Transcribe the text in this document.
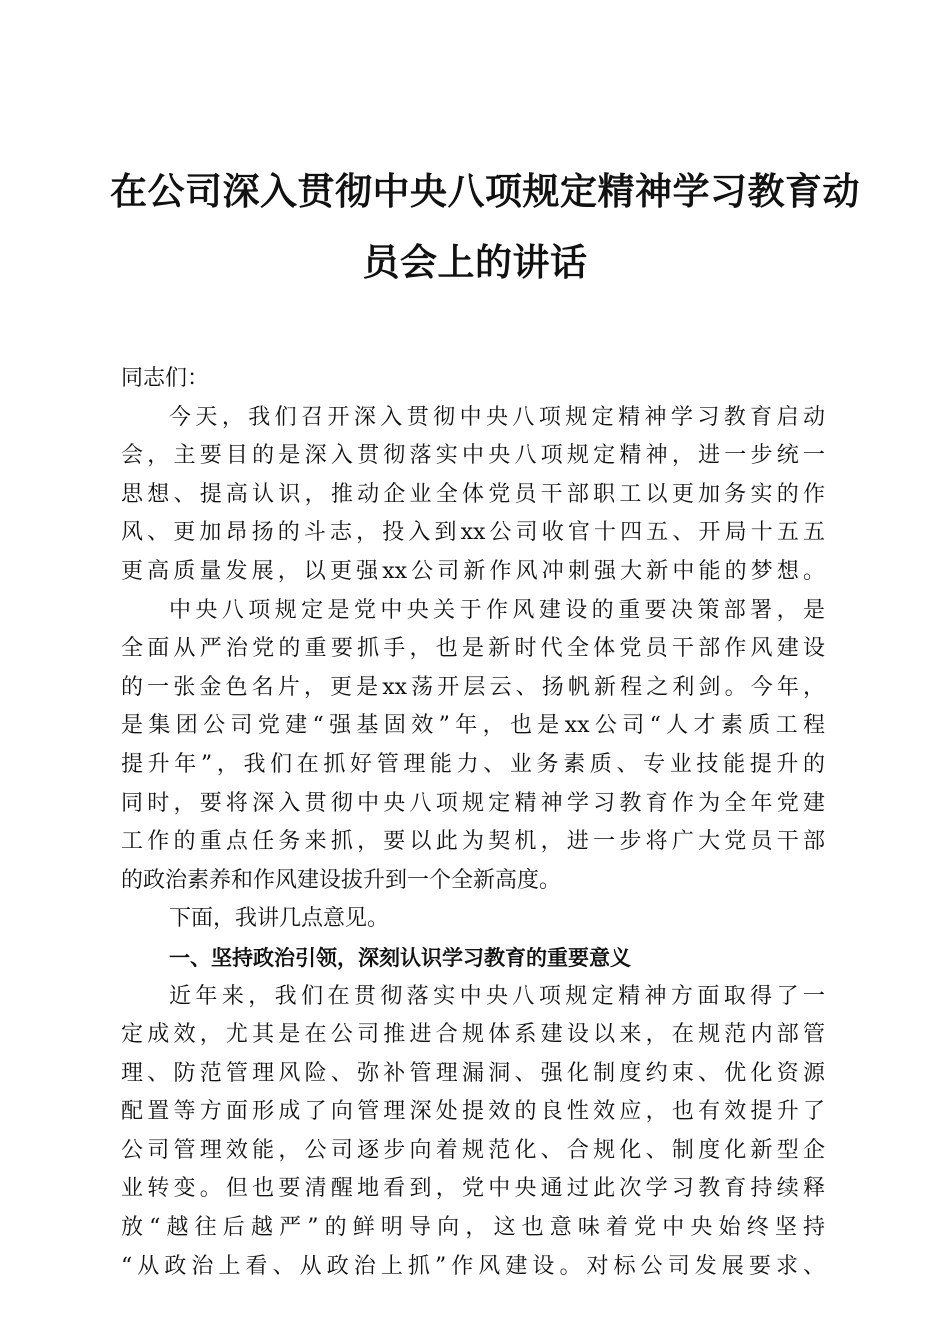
在公司深入贯彻中央八项规定精神学习教育动
员会上的讲话
同志们：
今天，我们召开深入贯彻中央八项规定精神学习教育启动
会，主要目的是深入贯彻落实中央八项规定精神，进一步统一
思想、提高认识，推动企业全体党员干部职工以更加务实的作
风、更加昂扬的斗志，投入到xx公司收官十四五、开局十五五
更高质量发展，以更强xx公司新作风冲刺强大新中能的梦想。
中央八项规定是党中央关于作风建设的重要决策部署，是
全面从严治党的重要抓手，也是新时代全体党员干部作风建设
的一张金色名片，更是xx荡开层云、扬帆新程之利剑。今年，
是集团公司党建“强基固效”年，也是xx公司“人才素质工程
提升年”，我们在抓好管理能力、业务素质、专业技能提升的
同时，要将深入贯彻中央八项规定精神学习教育作为全年党建
工作的重点任务来抓，要以此为契机，进一步将广大党员干部
的政治素养和作风建设拔升到一个全新高度。
下面，我讲几点意见。
一、坚持政治引领，深刻认识学习教育的重要意义
近年来，我们在贯彻落实中央八项规定精神方面取得了一
定成效，尤其是在公司推进合规体系建设以来，在规范内部管
理、防范管理风险、弥补管理漏洞、强化制度约束、优化资源
配置等方面形成了向管理深处提效的良性效应，也有效提升了
公司管理效能，公司逐步向着规范化、合规化、制度化新型企
业转变。但也要清醒地看到，党中央通过此次学习教育持续释
放“越往后越严”的鲜明导向，这也意味着党中央始终坚持
“从政治上看、从政治上抓”作风建设。对标公司发展要求、
